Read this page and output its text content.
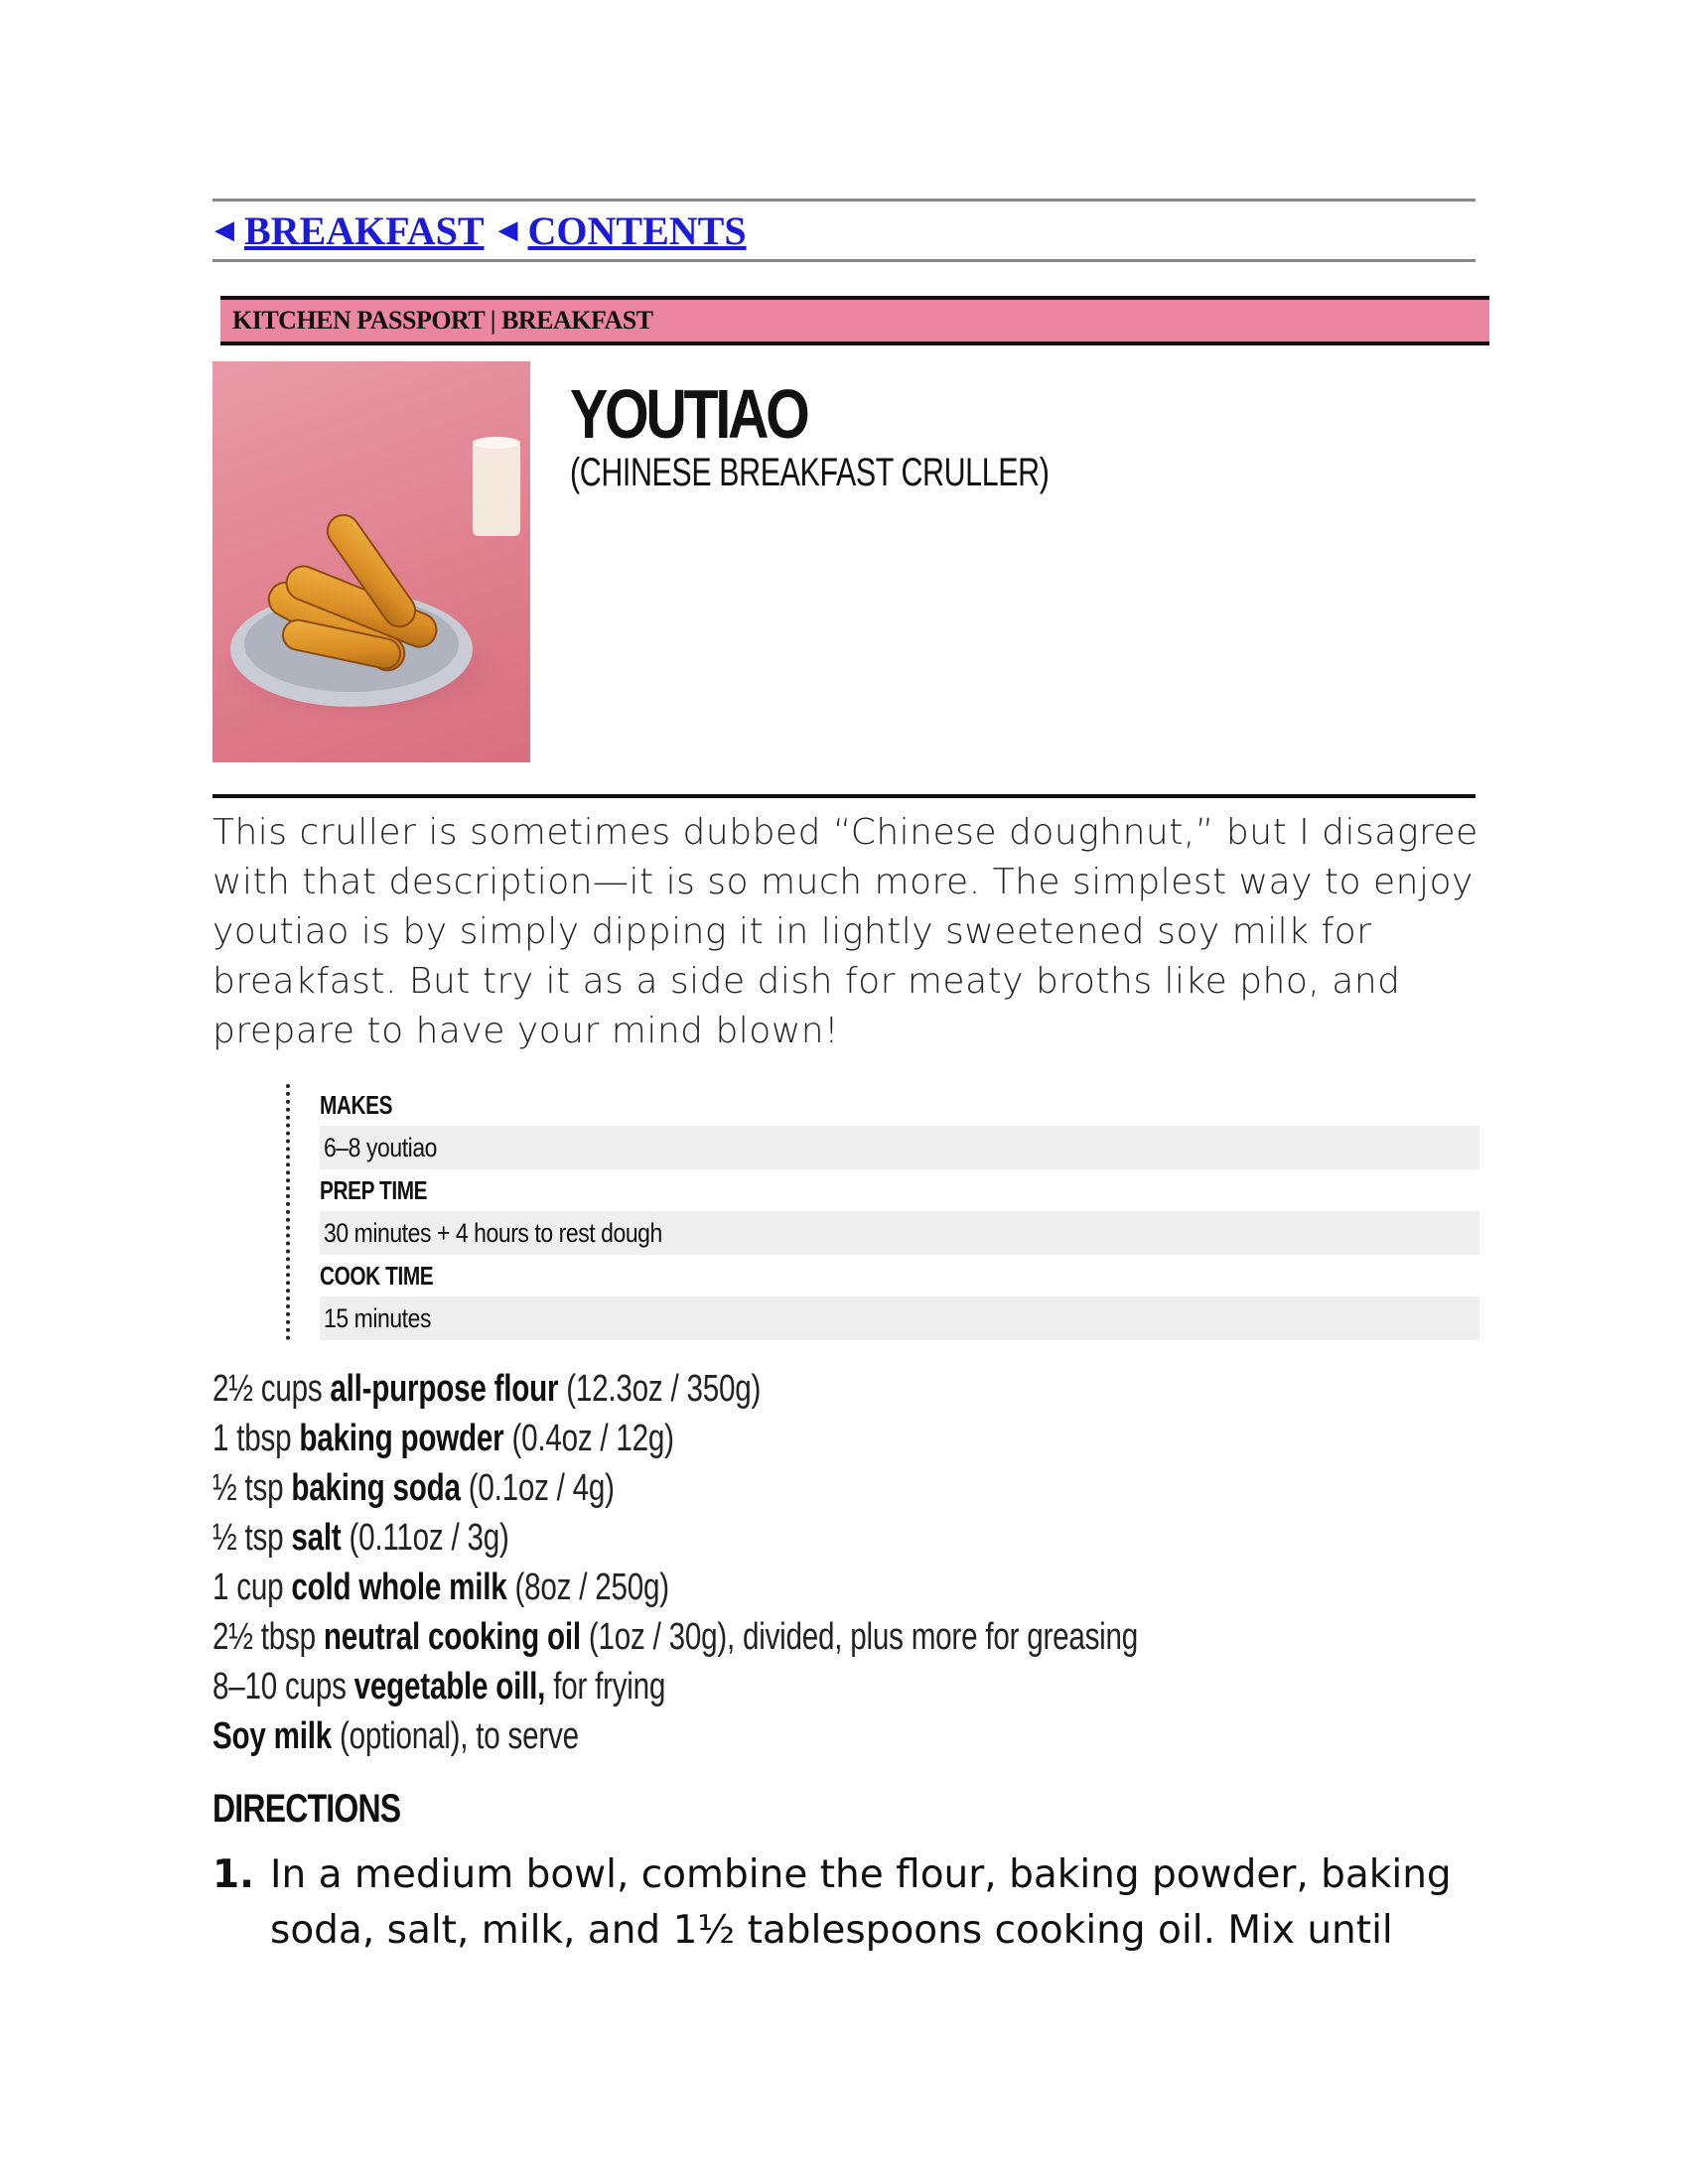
◀ BREAKFAST ◀ CONTENTS
KITCHEN PASSPORT | BREAKFAST
YOUTIAO
(CHINESE BREAKFAST CRULLER)

This cruller is sometimes dubbed “Chinese doughnut,” but I disagree with that description—it is so much more. The simplest way to enjoy youtiao is by simply dipping it in lightly sweetened soy milk for breakfast. But try it as a side dish for meaty broths like pho, and prepare to have your mind blown!

MAKES
6–8 youtiao
PREP TIME
30 minutes + 4 hours to rest dough
COOK TIME
15 minutes
2½ cups all-purpose flour (12.3oz / 350g)
1 tbsp baking powder (0.4oz / 12g)
½ tsp baking soda (0.1oz / 4g)
½ tsp salt (0.11oz / 3g)
1 cup cold whole milk (8oz / 250g)
2½ tbsp neutral cooking oil (1oz / 30g), divided, plus more for greasing
8–10 cups vegetable oill, for frying
Soy milk (optional), to serve
DIRECTIONS
1. In a medium bowl, combine the flour, baking powder, baking soda, salt, milk, and 1½ tablespoons cooking oil. Mix until
